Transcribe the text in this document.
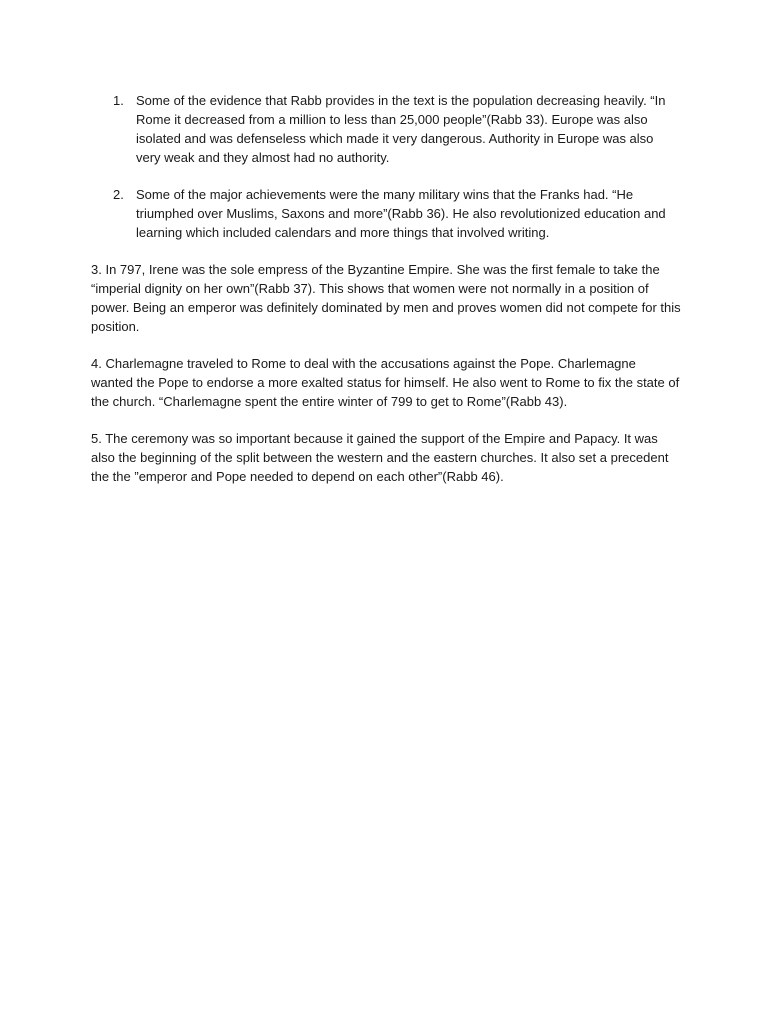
1. Some of the evidence that Rabb provides in the text is the population decreasing heavily. “In Rome it decreased from a million to less than 25,000 people”(Rabb 33). Europe was also isolated and was defenseless which made it very dangerous. Authority in Europe was also very weak and they almost had no authority.
2. Some of the major achievements were the many military wins that the Franks had. “He triumphed over Muslims, Saxons and more”(Rabb 36). He also revolutionized education and learning which included calendars and more things that involved writing.

3. In 797, Irene was the sole empress of the Byzantine Empire. She was the first female to take the “imperial dignity on her own”(Rabb 37). This shows that women were not normally in a position of power. Being an emperor was definitely dominated by men and proves women did not compete for this position.

4. Charlemagne traveled to Rome to deal with the accusations against the Pope. Charlemagne wanted the Pope to endorse a more exalted status for himself. He also went to Rome to fix the state of the church. “Charlemagne spent the entire winter of 799 to get to Rome”(Rabb 43).

5. The ceremony was so important because it gained the support of the Empire and Papacy. It was also the beginning of the split between the western and the eastern churches. It also set a precedent the the ”emperor and Pope needed to depend on each other”(Rabb 46).
